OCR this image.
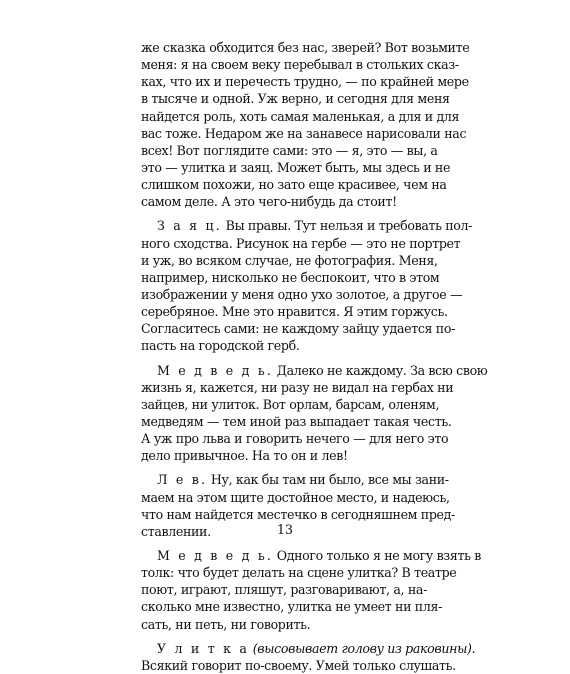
же сказка обходится без нас, зверей? Вот возьмите
меня: я на своем веку перебывал в стольких сказ-
ках, что их и перечесть трудно, — по крайней мере
в тысяче и одной. Уж верно, и сегодня для меня
найдется роль, хоть самая маленькая, а для и для
вас тоже. Недаром же на занавесе нарисовали нас
всех! Вот поглядите сами: это — я, это — вы, а
это — улитка и заяц. Может быть, мы здесь и не
слишком похожи, но зато еще красивее, чем на
самом деле. А это чего-нибудь да стоит!
З а я ц. Вы правы. Тут нельзя и требовать пол-
ного сходства. Рисунок на гербе — это не портрет
и уж, во всяком случае, не фотография. Меня,
например, нисколько не беспокоит, что в этом
изображении у меня одно ухо золотое, а другое —
серебряное. Мне это нравится. Я этим горжусь.
Согласитесь сами: не каждому зайцу удается по-
пасть на городской герб.
М е д в е д ь. Далеко не каждому. За всю свою
жизнь я, кажется, ни разу не видал на гербах ни
зайцев, ни улиток. Вот орлам, барсам, оленям,
медведям — тем иной раз выпадает такая честь.
А уж про льва и говорить нечего — для него это
дело привычное. На то он и лев!
Л е в. Ну, как бы там ни было, все мы зани-
маем на этом щите достойное место, и надеюсь,
что нам найдется местечко в сегодняшнем пред-
ставлении.
М е д в е д ь. Одного только я не могу взять в
толк: что будет делать на сцене улитка? В театре
поют, играют, пляшут, разговаривают, а, на-
сколько мне известно, улитка не умеет ни пля-
сать, ни петь, ни говорить.
У л и т к а (высовывает голову из раковины).
Всякий говорит по-своему. Умей только слушать.
13
